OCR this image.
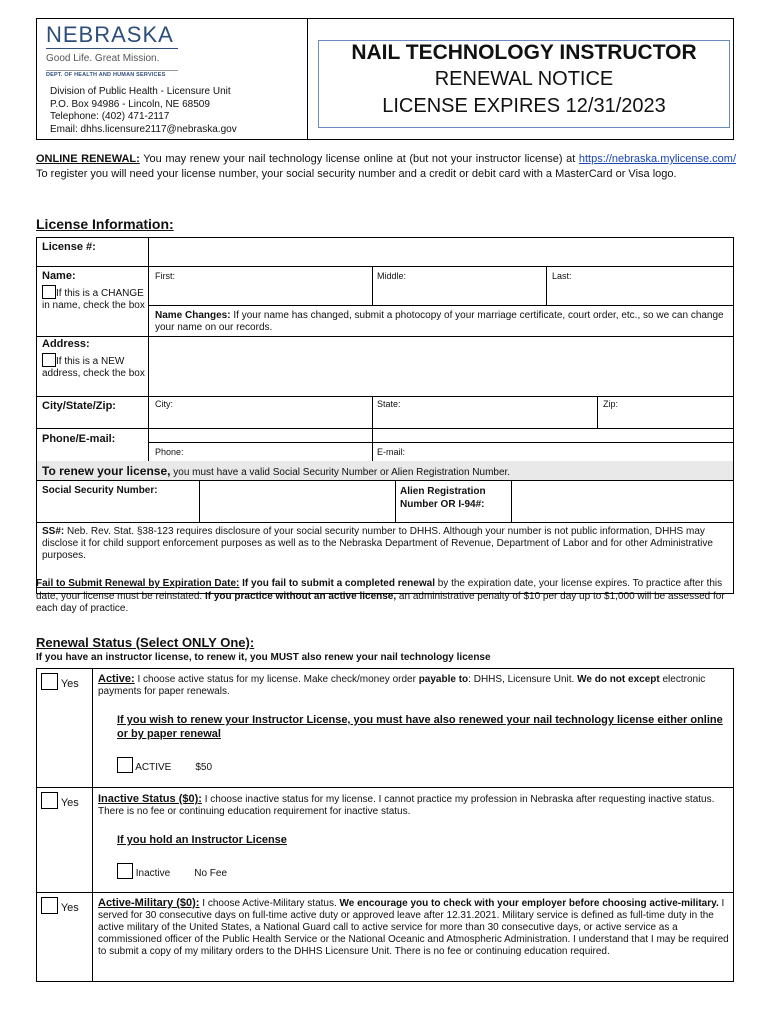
NEBRASKA
Good Life. Great Mission.
DEPT. OF HEALTH AND HUMAN SERVICES
Division of Public Health - Licensure Unit
P.O. Box 94986 - Lincoln, NE 68509
Telephone: (402) 471-2117
Email: dhhs.licensure2117@nebraska.gov
NAIL TECHNOLOGY INSTRUCTOR
RENEWAL NOTICE
LICENSE EXPIRES 12/31/2023
ONLINE RENEWAL: You may renew your nail technology license online at (but not your instructor license) at https://nebraska.mylicense.com/ To register you will need your license number, your social security number and a credit or debit card with a MasterCard or Visa logo.
License Information:
License #:
Name:
If this is a CHANGE in name, check the box
First:	Middle:	Last:
Name Changes: If your name has changed, submit a photocopy of your marriage certificate, court order, etc., so we can change your name on our records.
Address:
If this is a NEW address, check the box
City/State/Zip:	City:	State:	Zip:
Phone/E-mail:
Phone:	E-mail:
To renew your license, you must have a valid Social Security Number or Alien Registration Number.
Social Security Number:	Alien Registration
Number OR I-94#:
SS#: Neb. Rev. Stat. §38-123 requires disclosure of your social security number to DHHS. Although your number is not public information, DHHS may disclose it for child support enforcement purposes as well as to the Nebraska Department of Revenue, Department of Labor and for other Administrative purposes.
Fail to Submit Renewal by Expiration Date: If you fail to submit a completed renewal by the expiration date, your license expires. To practice after this date, your license must be reinstated. If you practice without an active license, an administrative penalty of $10 per day up to $1,000 will be assessed for each day of practice.
Renewal Status (Select ONLY One):
If you have an instructor license, to renew it, you MUST also renew your nail technology license
Yes Active: I choose active status for my license. Make check/money order payable to: DHHS, Licensure Unit. We do not except electronic payments for paper renewals.
If you wish to renew your Instructor License, you must have also renewed your nail technology license either online or by paper renewal
ACTIVE $50
Yes Inactive Status ($0): I choose inactive status for my license. I cannot practice my profession in Nebraska after requesting inactive status. There is no fee or continuing education requirement for inactive status.
If you hold an Instructor License
Inactive No Fee
Yes Active-Military ($0): I choose Active-Military status. We encourage you to check with your employer before choosing active-military. I served for 30 consecutive days on full-time active duty or approved leave after 12.31.2021. Military service is defined as full-time duty in the active military of the United States, a National Guard call to active service for more than 30 consecutive days, or active service as a commissioned officer of the Public Health Service or the National Oceanic and Atmospheric Administration. I understand that I may be required to submit a copy of my military orders to the DHHS Licensure Unit. There is no fee or continuing education required.
